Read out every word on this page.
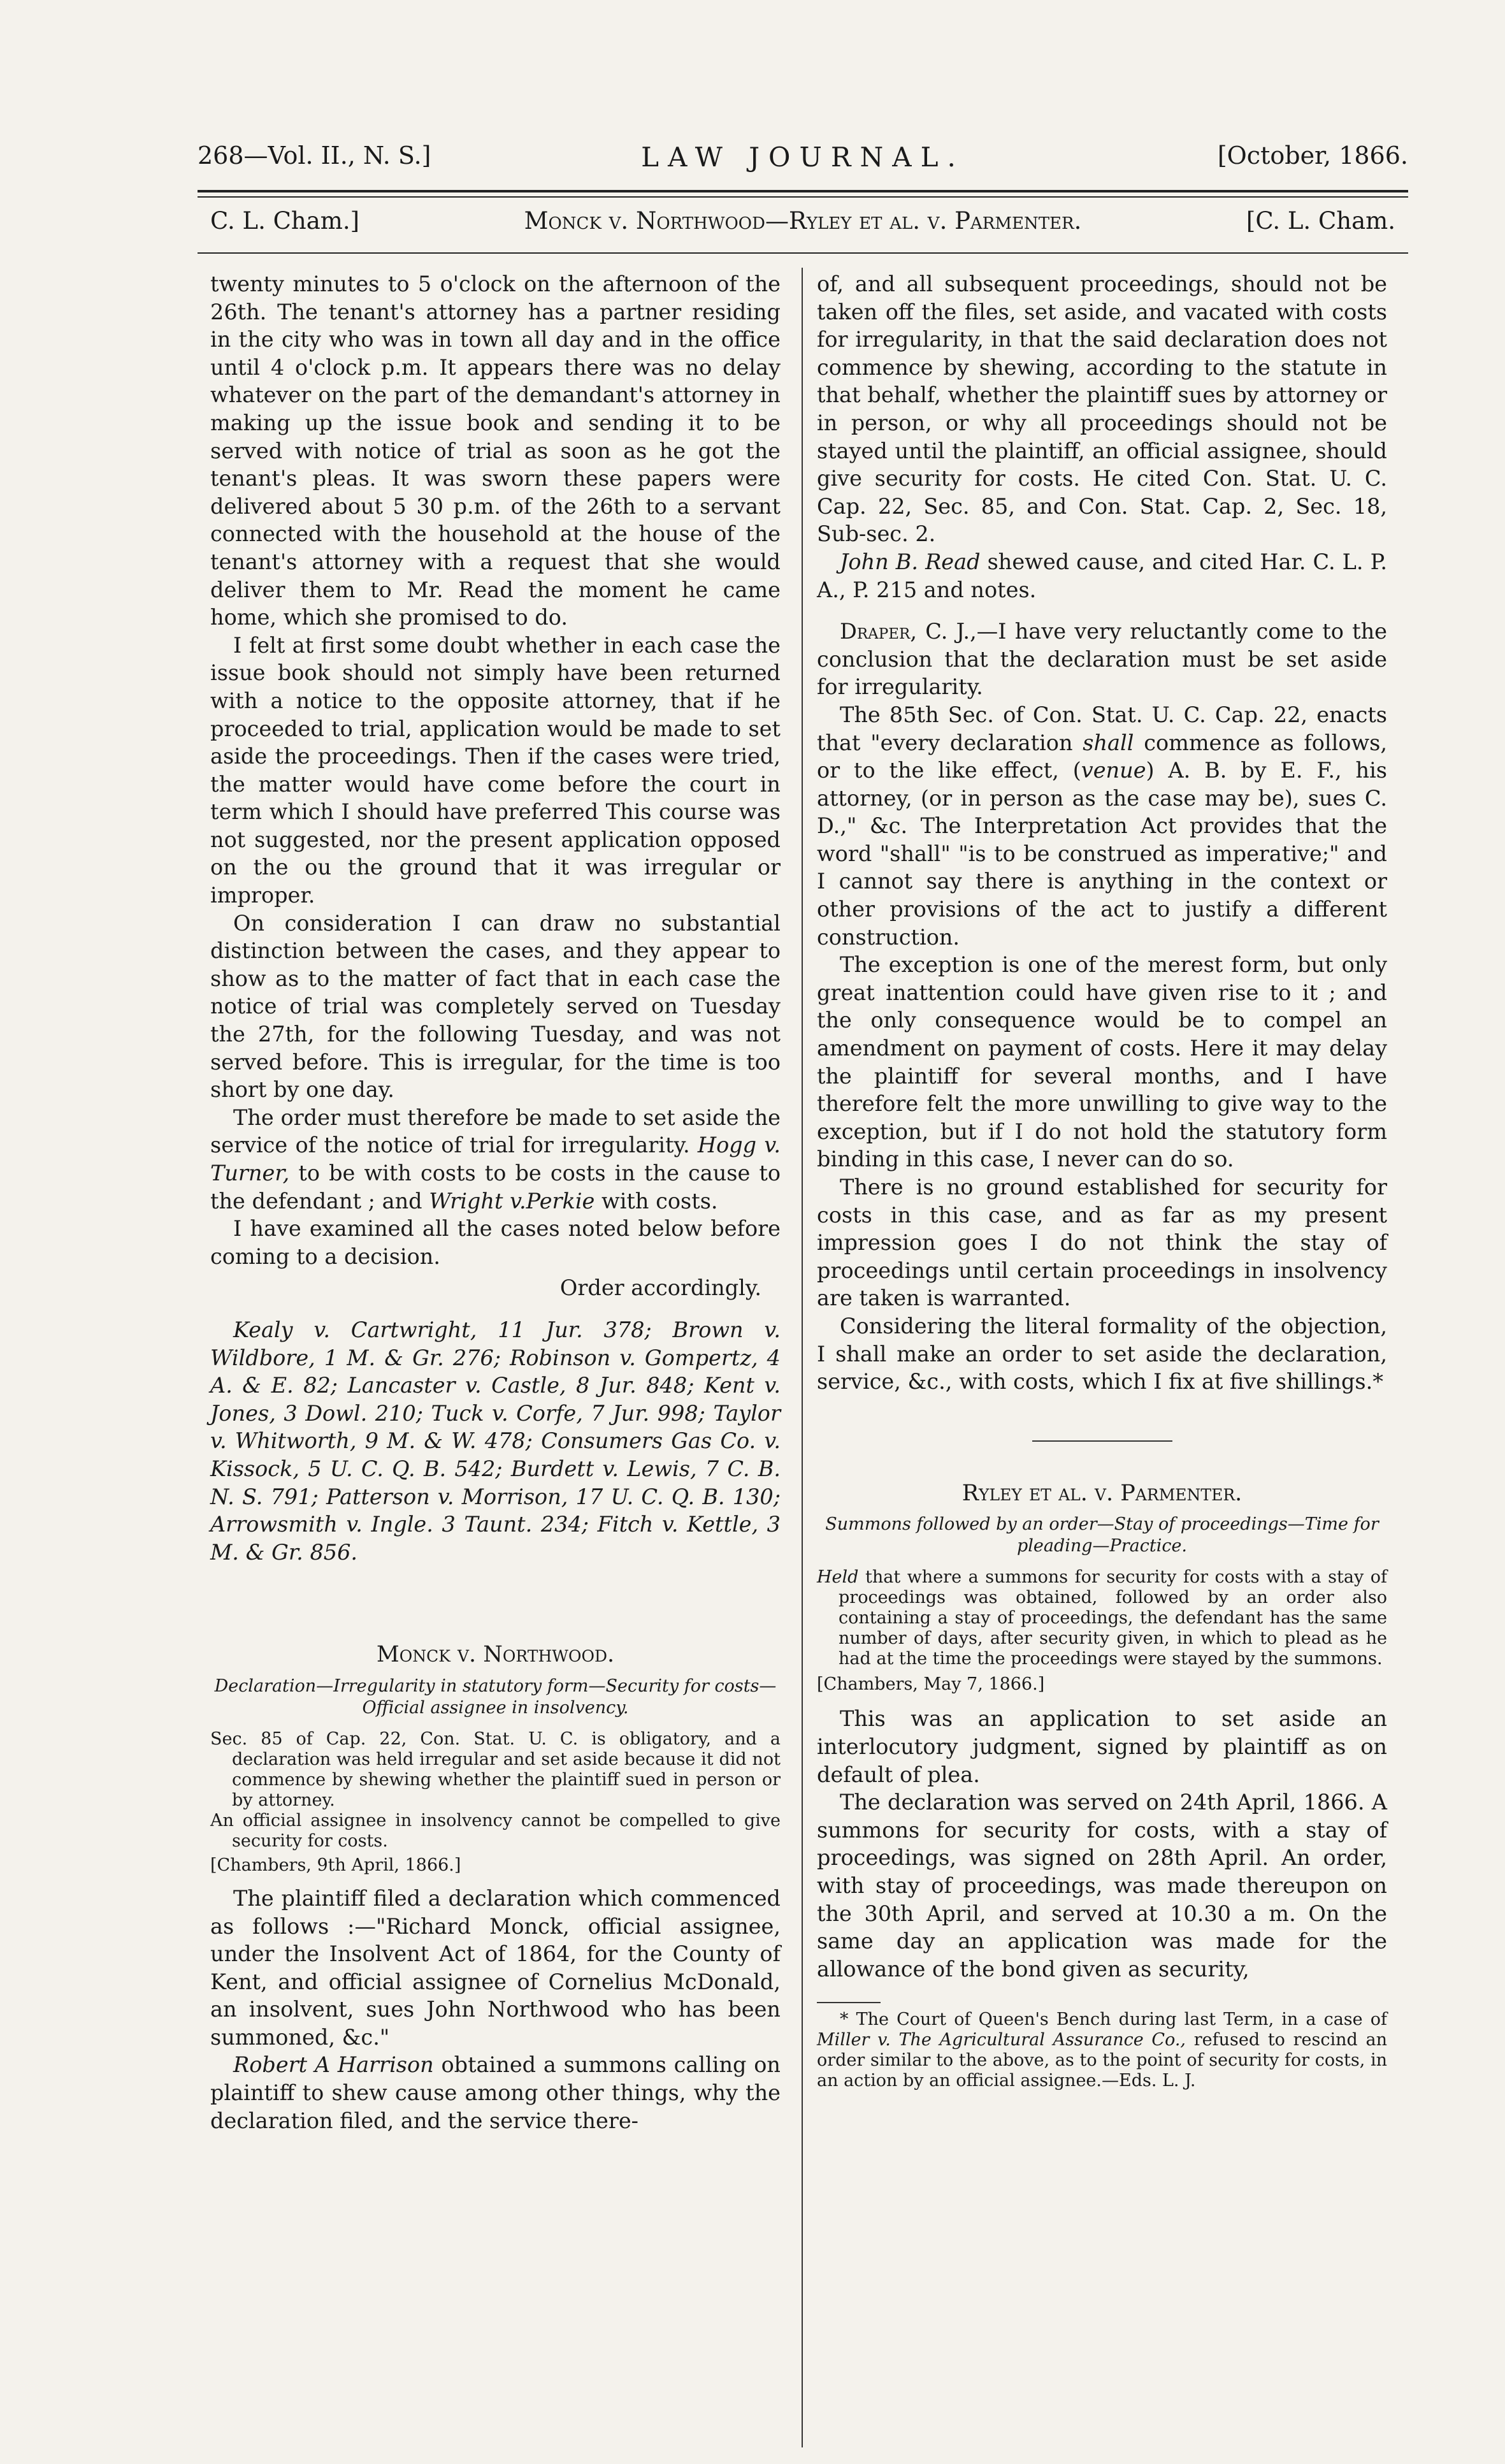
268—Vol. II., N. S.]	LAW JOURNAL.	[October, 1866.
C. L. Cham.]	Monck v. Northwood—Ryley et al. v. Parmenter.	[C. L. Cham.

twenty minutes to 5 o'clock on the afternoon of the 26th. The tenant's attorney has a partner residing in the city who was in town all day and in the office until 4 o'clock p.m. It appears there was no delay whatever on the part of the demandant's attorney in making up the issue book and sending it to be served with notice of trial as soon as he got the tenant's pleas. It was sworn these papers were delivered about 5 30 p.m. of the 26th to a servant connected with the household at the house of the tenant's attorney with a request that she would deliver them to Mr. Read the moment he came home, which she promised to do.

I felt at first some doubt whether in each case the issue book should not simply have been returned with a notice to the opposite attorney, that if he proceeded to trial, application would be made to set aside the proceedings. Then if the cases were tried, the matter would have come before the court in term which I should have preferred This course was not suggested, nor the present application opposed on the ou the ground that it was irregular or improper.

On consideration I can draw no substantial distinction between the cases, and they appear to show as to the matter of fact that in each case the notice of trial was completely served on Tuesday the 27th, for the following Tuesday, and was not served before. This is irregular, for the time is too short by one day.

The order must therefore be made to set aside the service of the notice of trial for irregularity. Hogg v. Turner, to be with costs to be costs in the cause to the defendant ; and Wright v.Perkie with costs.

I have examined all the cases noted below before coming to a decision.

Order accordingly.

Kealy v. Cartwright, 11 Jur. 378; Brown v. Wildbore, 1 M. & Gr. 276; Robinson v. Gompertz, 4 A. & E. 82; Lancaster v. Castle, 8 Jur. 848; Kent v. Jones, 3 Dowl. 210; Tuck v. Corfe, 7 Jur. 998; Taylor v. Whitworth, 9 M. & W. 478; Consumers Gas Co. v. Kissock, 5 U. C. Q. B. 542; Burdett v. Lewis, 7 C. B. N. S. 791; Patterson v. Morrison, 17 U. C. Q. B. 130; Arrowsmith v. Ingle. 3 Taunt. 234; Fitch v. Kettle, 3 M. & Gr. 856.

Monck v. Northwood.

Declaration—Irregularity in statutory form—Security for costs—Official assignee in insolvency.

Sec. 85 of Cap. 22, Con. Stat. U. C. is obligatory, and a declaration was held irregular and set aside because it did not commence by shewing whether the plaintiff sued in person or by attorney.

An official assignee in insolvency cannot be compelled to give security for costs.

[Chambers, 9th April, 1866.]

The plaintiff filed a declaration which commenced as follows :—"Richard Monck, official assignee, under the Insolvent Act of 1864, for the County of Kent, and official assignee of Cornelius McDonald, an insolvent, sues John Northwood who has been summoned, &c."

Robert A Harrison obtained a summons calling on plaintiff to shew cause among other things, why the declaration filed, and the service there-

of, and all subsequent proceedings, should not be taken off the files, set aside, and vacated with costs for irregularity, in that the said declaration does not commence by shewing, according to the statute in that behalf, whether the plaintiff sues by attorney or in person, or why all proceedings should not be stayed until the plaintiff, an official assignee, should give security for costs. He cited Con. Stat. U. C. Cap. 22, Sec. 85, and Con. Stat. Cap. 2, Sec. 18, Sub-sec. 2.

John B. Read shewed cause, and cited Har. C. L. P. A., P. 215 and notes.

Draper, C. J.,—I have very reluctantly come to the conclusion that the declaration must be set aside for irregularity.

The 85th Sec. of Con. Stat. U. C. Cap. 22, enacts that "every declaration shall commence as follows, or to the like effect, (venue) A. B. by E. F., his attorney, (or in person as the case may be), sues C. D.," &c. The Interpretation Act provides that the word "shall" "is to be construed as imperative;" and I cannot say there is anything in the context or other provisions of the act to justify a different construction.

The exception is one of the merest form, but only great inattention could have given rise to it ; and the only consequence would be to compel an amendment on payment of costs. Here it may delay the plaintiff for several months, and I have therefore felt the more unwilling to give way to the exception, but if I do not hold the statutory form binding in this case, I never can do so.

There is no ground established for security for costs in this case, and as far as my present impression goes I do not think the stay of proceedings until certain proceedings in insolvency are taken is warranted.

Considering the literal formality of the objection, I shall make an order to set aside the declaration, service, &c., with costs, which I fix at five shillings.*

Ryley et al. v. Parmenter.

Summons followed by an order—Stay of proceedings—Time for pleading—Practice.

Held that where a summons for security for costs with a stay of proceedings was obtained, followed by an order also containing a stay of proceedings, the defendant has the same number of days, after security given, in which to plead as he had at the time the proceedings were stayed by the summons.

[Chambers, May 7, 1866.]

This was an application to set aside an interlocutory judgment, signed by plaintiff as on default of plea.

The declaration was served on 24th April, 1866. A summons for security for costs, with a stay of proceedings, was signed on 28th April. An order, with stay of proceedings, was made thereupon on the 30th April, and served at 10.30 a m. On the same day an application was made for the allowance of the bond given as security,

* The Court of Queen's Bench during last Term, in a case of Miller v. The Agricultural Assurance Co., refused to rescind an order similar to the above, as to the point of security for costs, in an action by an official assignee.—Eds. L. J.
